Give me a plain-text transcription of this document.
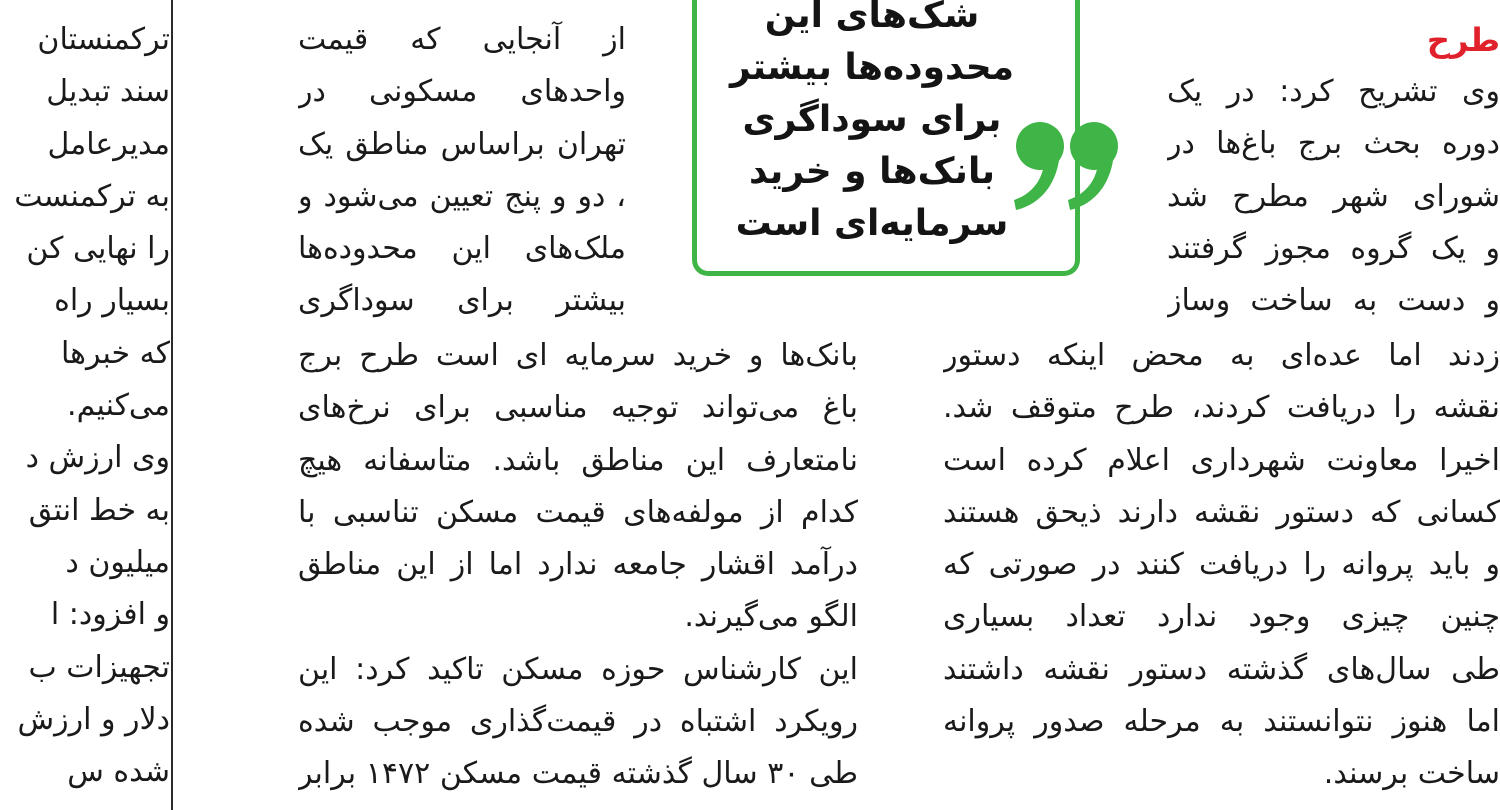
ترکمنستان
سند تبدیل
مدیرعامل
به ترکمنست
را نهایی کن
بسیار راه
که خبرها
می‌کنیم.
وی ارزش د
به خط انتق
میلیون د
و افزود: ا
تجهیزات ب
دلار و ارزش
شده س
شک‌های این
محدوده‌ها بیشتر
برای سوداگری
بانک‌ها و خرید
سرمایه‌ای است
از آنجایی که قیمت
واحدهای مسکونی در
تهران براساس مناطق یک
، دو و پنج تعیین می‌شود و
ملک‌های این محدوده‌ها
بیشتر برای سوداگری
بانک‌ها و خرید سرمایه ای است طرح برج
باغ می‌تواند توجیه مناسبی برای نرخ‌های
نامتعارف این مناطق باشد. متاسفانه هیچ
کدام از مولفه‌های قیمت مسکن تناسبی با
درآمد اقشار جامعه ندارد اما از این مناطق
الگو می‌گیرند.
این کارشناس حوزه مسکن تاکید کرد: این
رویکرد اشتباه در قیمت‌گذاری موجب شده
طی ۳۰ سال گذشته قیمت مسکن ۱۴۷۲ برابر
طرح
وی تشریح کرد: در یک
دوره بحث برج باغ‌ها در
شورای شهر مطرح شد
و یک گروه مجوز گرفتند
و دست به ساخت وساز
زدند اما عده‌ای به محض اینکه دستور
نقشه را دریافت کردند، طرح متوقف شد.
اخیرا معاونت شهرداری اعلام کرده است
کسانی که دستور نقشه دارند ذیحق هستند
و باید پروانه را دریافت کنند در صورتی که
چنین چیزی وجود ندارد تعداد بسیاری
طی سال‌های گذشته دستور نقشه داشتند
اما هنوز نتوانستند به مرحله صدور پروانه
ساخت برسند.
